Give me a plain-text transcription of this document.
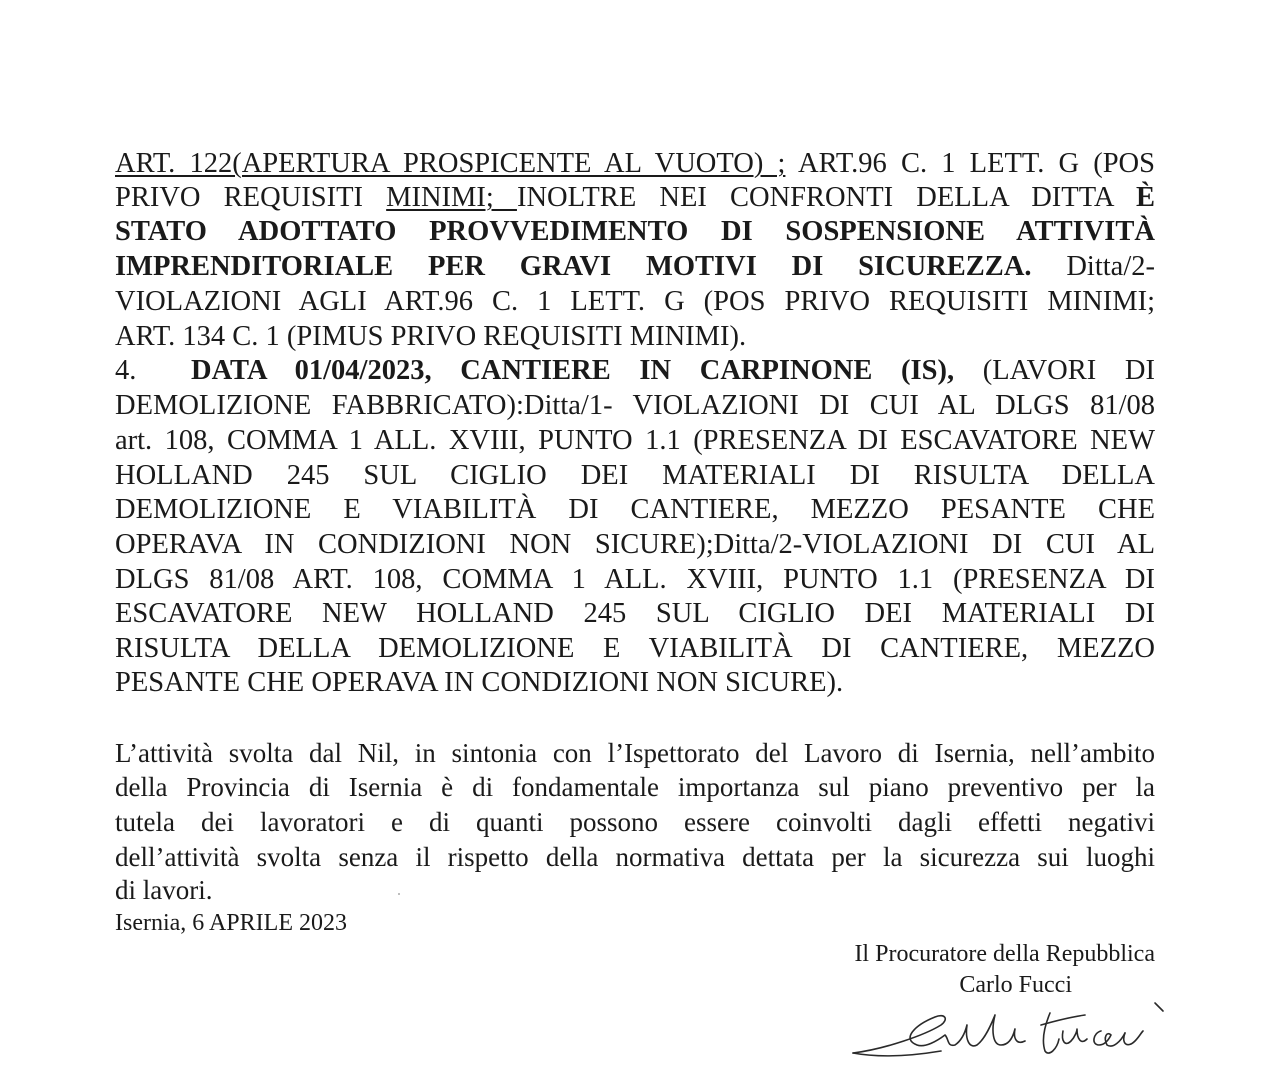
ART. 122(APERTURA PROSPICENTE AL VUOTO) ; ART.96 C. 1 LETT. G (POS
PRIVO REQUISITI MINIMI; INOLTRE NEI CONFRONTI DELLA DITTA È
STATO ADOTTATO PROVVEDIMENTO DI SOSPENSIONE ATTIVITÀ
IMPRENDITORIALE PER GRAVI MOTIVI DI SICUREZZA. Ditta/2-
VIOLAZIONI AGLI ART.96 C. 1 LETT. G (POS PRIVO REQUISITI MINIMI;
ART. 134 C. 1 (PIMUS PRIVO REQUISITI MINIMI).
4. DATA 01/04/2023, CANTIERE IN CARPINONE (IS), (LAVORI DI
DEMOLIZIONE FABBRICATO):Ditta/1- VIOLAZIONI DI CUI AL DLGS 81/08
art. 108, COMMA 1 ALL. XVIII, PUNTO 1.1 (PRESENZA DI ESCAVATORE NEW
HOLLAND 245 SUL CIGLIO DEI MATERIALI DI RISULTA DELLA
DEMOLIZIONE E VIABILITÀ DI CANTIERE, MEZZO PESANTE CHE
OPERAVA IN CONDIZIONI NON SICURE);Ditta/2-VIOLAZIONI DI CUI AL
DLGS 81/08 ART. 108, COMMA 1 ALL. XVIII, PUNTO 1.1 (PRESENZA DI
ESCAVATORE NEW HOLLAND 245 SUL CIGLIO DEI MATERIALI DI
RISULTA DELLA DEMOLIZIONE E VIABILITÀ DI CANTIERE, MEZZO
PESANTE CHE OPERAVA IN CONDIZIONI NON SICURE).
L’attività svolta dal Nil, in sintonia con l’Ispettorato del Lavoro di Isernia, nell’ambito
della Provincia di Isernia è di fondamentale importanza sul piano preventivo per la
tutela dei lavoratori e di quanti possono essere coinvolti dagli effetti negativi
dell’attività svolta senza il rispetto della normativa dettata per la sicurezza sui luoghi
di lavori.
Isernia, 6 APRILE 2023
Il Procuratore della Repubblica
Carlo Fucci
